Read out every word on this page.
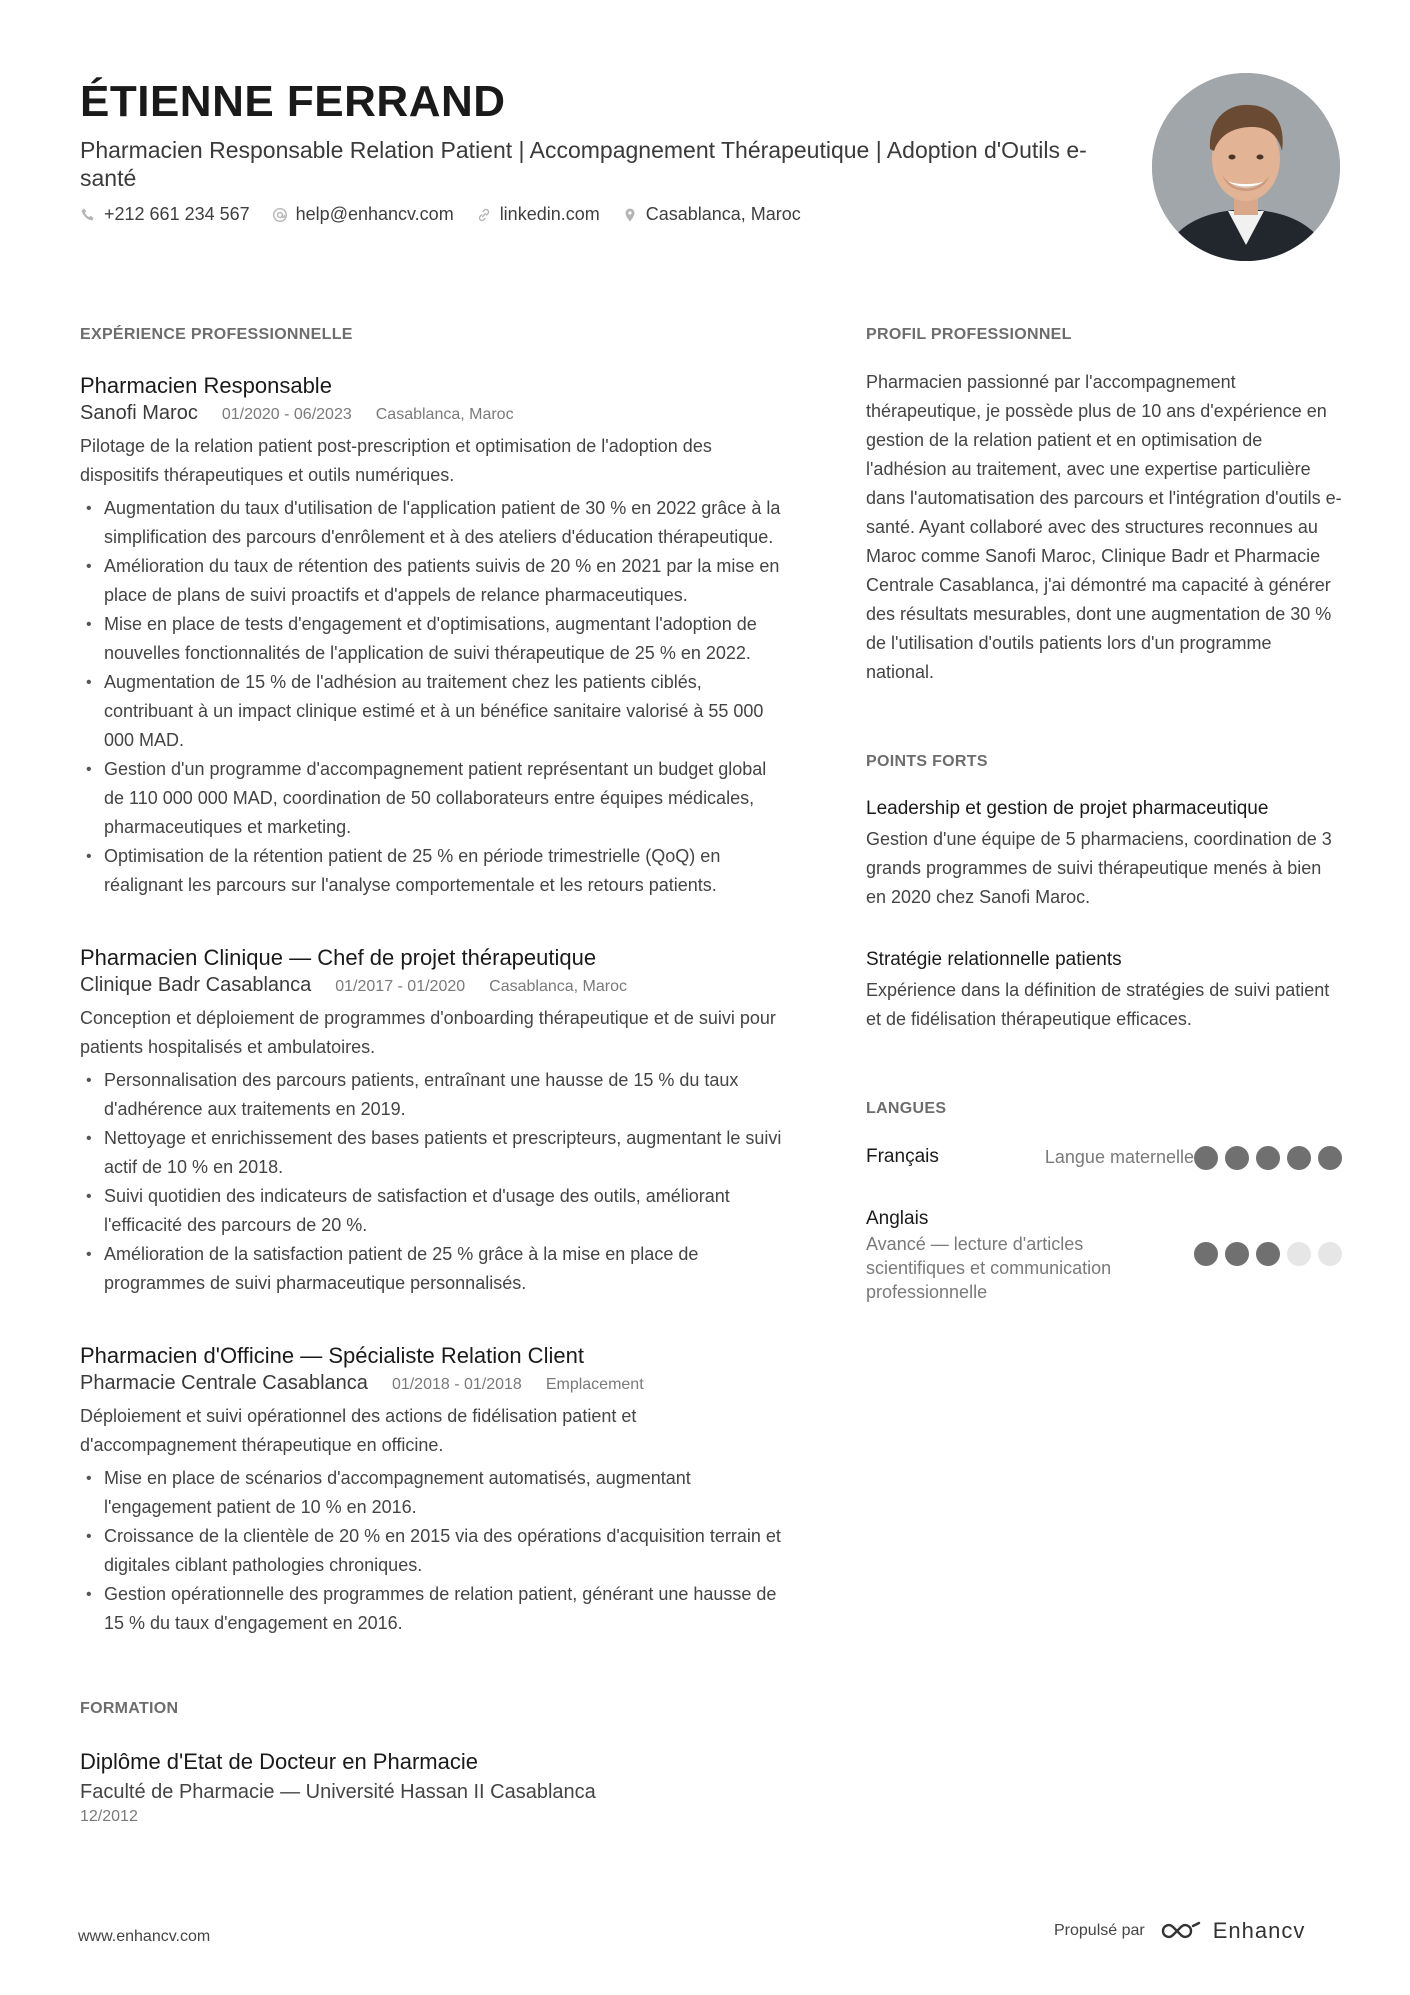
ÉTIENNE FERRAND
Pharmacien Responsable Relation Patient | Accompagnement Thérapeutique | Adoption d'Outils e-santé
+212 661 234 567	help@enhancv.com	linkedin.com	Casablanca, Maroc
EXPÉRIENCE PROFESSIONNELLE
Pharmacien Responsable
Sanofi Maroc 01/2020 - 06/2023 Casablanca, Maroc
Pilotage de la relation patient post-prescription et optimisation de l'adoption des dispositifs thérapeutiques et outils numériques.
• Augmentation du taux d'utilisation de l'application patient de 30 % en 2022 grâce à la simplification des parcours d'enrôlement et à des ateliers d'éducation thérapeutique.
• Amélioration du taux de rétention des patients suivis de 20 % en 2021 par la mise en place de plans de suivi proactifs et d'appels de relance pharmaceutiques.
• Mise en place de tests d'engagement et d'optimisations, augmentant l'adoption de nouvelles fonctionnalités de l'application de suivi thérapeutique de 25 % en 2022.
• Augmentation de 15 % de l'adhésion au traitement chez les patients ciblés, contribuant à un impact clinique estimé et à un bénéfice sanitaire valorisé à 55 000 000 MAD.
• Gestion d'un programme d'accompagnement patient représentant un budget global de 110 000 000 MAD, coordination de 50 collaborateurs entre équipes médicales, pharmaceutiques et marketing.
• Optimisation de la rétention patient de 25 % en période trimestrielle (QoQ) en réalignant les parcours sur l'analyse comportementale et les retours patients.
Pharmacien Clinique — Chef de projet thérapeutique
Clinique Badr Casablanca 01/2017 - 01/2020 Casablanca, Maroc
Conception et déploiement de programmes d'onboarding thérapeutique et de suivi pour patients hospitalisés et ambulatoires.
• Personnalisation des parcours patients, entraînant une hausse de 15 % du taux d'adhérence aux traitements en 2019.
• Nettoyage et enrichissement des bases patients et prescripteurs, augmentant le suivi actif de 10 % en 2018.
• Suivi quotidien des indicateurs de satisfaction et d'usage des outils, améliorant l'efficacité des parcours de 20 %.
• Amélioration de la satisfaction patient de 25 % grâce à la mise en place de programmes de suivi pharmaceutique personnalisés.
Pharmacien d'Officine — Spécialiste Relation Client
Pharmacie Centrale Casablanca 01/2018 - 01/2018 Emplacement
Déploiement et suivi opérationnel des actions de fidélisation patient et d'accompagnement thérapeutique en officine.
• Mise en place de scénarios d'accompagnement automatisés, augmentant l'engagement patient de 10 % en 2016.
• Croissance de la clientèle de 20 % en 2015 via des opérations d'acquisition terrain et digitales ciblant pathologies chroniques.
• Gestion opérationnelle des programmes de relation patient, générant une hausse de 15 % du taux d'engagement en 2016.
FORMATION
Diplôme d'Etat de Docteur en Pharmacie
Faculté de Pharmacie — Université Hassan II Casablanca
12/2012
PROFIL PROFESSIONNEL
Pharmacien passionné par l'accompagnement thérapeutique, je possède plus de 10 ans d'expérience en gestion de la relation patient et en optimisation de l'adhésion au traitement, avec une expertise particulière dans l'automatisation des parcours et l'intégration d'outils e-santé. Ayant collaboré avec des structures reconnues au Maroc comme Sanofi Maroc, Clinique Badr et Pharmacie Centrale Casablanca, j'ai démontré ma capacité à générer des résultats mesurables, dont une augmentation de 30 % de l'utilisation d'outils patients lors d'un programme national.
POINTS FORTS
Leadership et gestion de projet pharmaceutique
Gestion d'une équipe de 5 pharmaciens, coordination de 3 grands programmes de suivi thérapeutique menés à bien en 2020 chez Sanofi Maroc.
Stratégie relationnelle patients
Expérience dans la définition de stratégies de suivi patient et de fidélisation thérapeutique efficaces.
LANGUES
Français	Langue maternelle
Anglais
Avancé — lecture d'articles scientifiques et communication professionnelle
www.enhancv.com	Propulsé par	Enhancv
